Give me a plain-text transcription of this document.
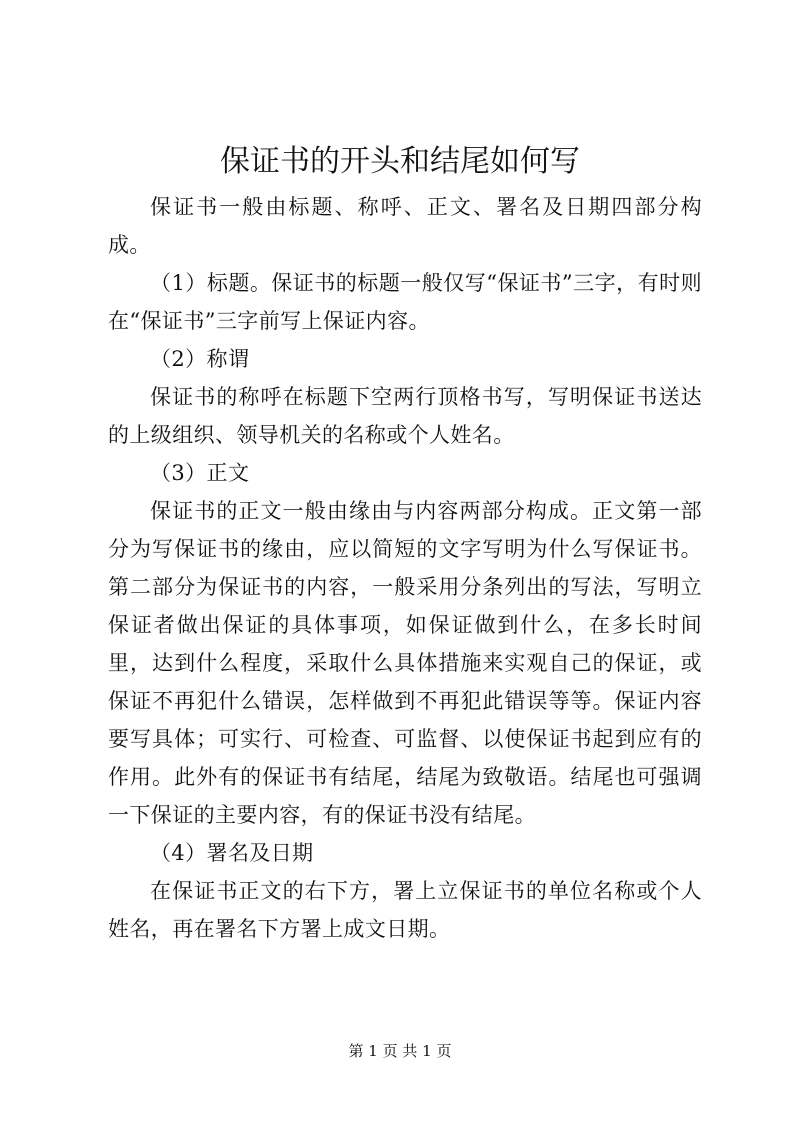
保证书的开头和结尾如何写

保证书一般由标题、称呼、正文、署名及日期四部分构成。

（1）标题。保证书的标题一般仅写“保证书”三字，有时则在“保证书”三字前写上保证内容。

（2）称谓

保证书的称呼在标题下空两行顶格书写，写明保证书送达的上级组织、领导机关的名称或个人姓名。

（3）正文

保证书的正文一般由缘由与内容两部分构成。正文第一部分为写保证书的缘由，应以简短的文字写明为什么写保证书。第二部分为保证书的内容，一般采用分条列出的写法，写明立保证者做出保证的具体事项，如保证做到什么，在多长时间里，达到什么程度，采取什么具体措施来实观自己的保证，或保证不再犯什么错误，怎样做到不再犯此错误等等。保证内容要写具体；可实行、可检查、可监督、以使保证书起到应有的作用。此外有的保证书有结尾，结尾为致敬语。结尾也可强调一下保证的主要内容，有的保证书没有结尾。

（4）署名及日期

在保证书正文的右下方，署上立保证书的单位名称或个人姓名，再在署名下方署上成文日期。

第 1 页 共 1 页
